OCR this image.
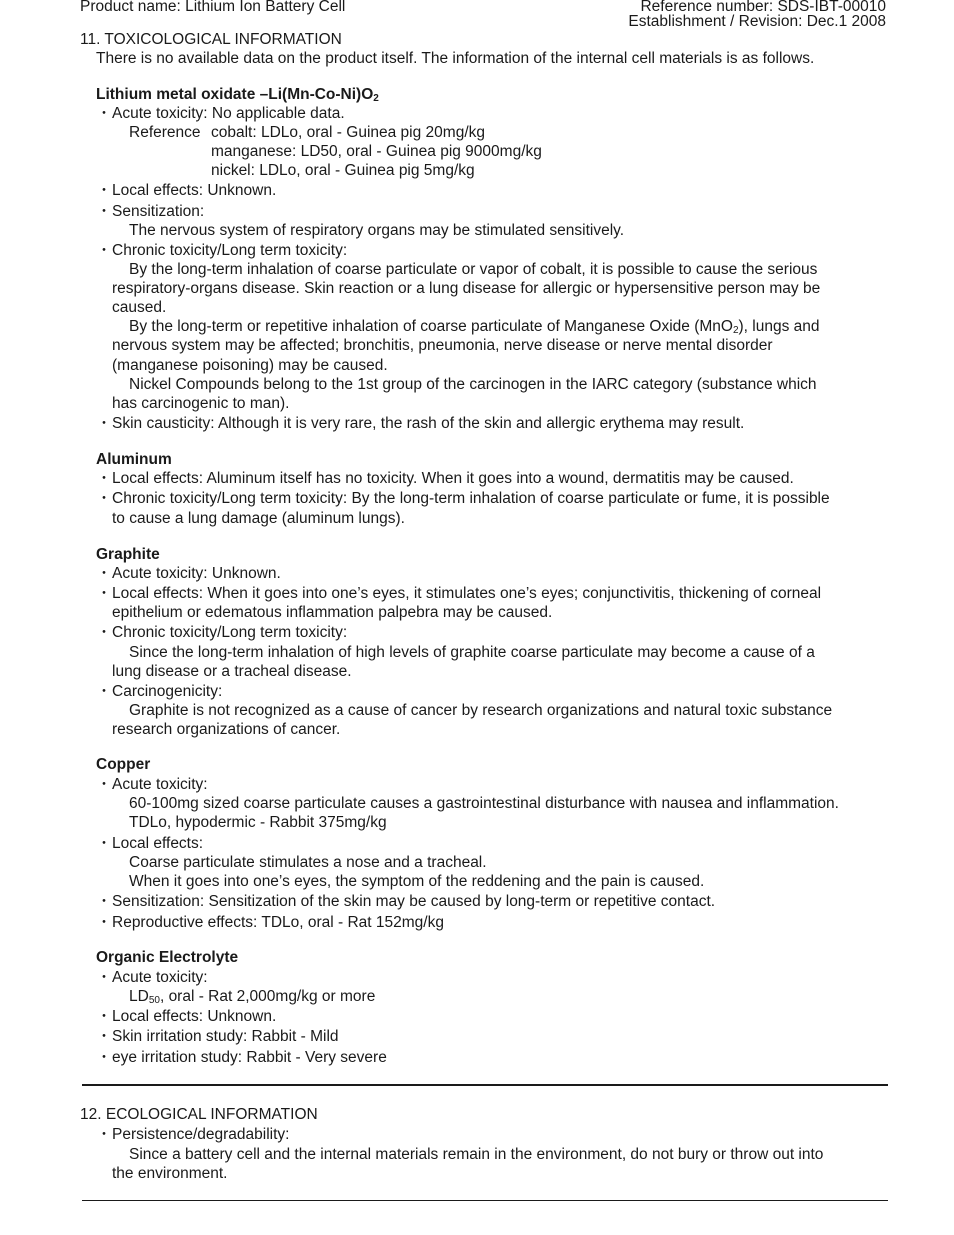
Product name: Lithium Ion Battery Cell	Reference number: SDS-IBT-00010
Establishment / Revision: Dec.1 2008
11. TOXICOLOGICAL INFORMATION
There is no available data on the product itself. The information of the internal cell materials is as follows.
Lithium metal oxidate $-Li(Mn-Co-Ni)O_2$
・Acute toxicity: No applicable data.
Reference cobalt: LDLo, oral - Guinea pig 20mg/kg
manganese: LD50, oral - Guinea pig 9000mg/kg
nickel: LDLo, oral - Guinea pig 5mg/kg
・Local effects: Unknown.
・Sensitization:
The nervous system of respiratory organs may be stimulated sensitively.
・Chronic toxicity/Long term toxicity:
By the long-term inhalation of coarse particulate or vapor of cobalt, it is possible to cause the serious
respiratory-organs disease. Skin reaction or a lung disease for allergic or hypersensitive person may be
caused.
By the long-term or repetitive inhalation of coarse particulate of Manganese Oxide (MnO$_2$), lungs and
nervous system may be affected; bronchitis, pneumonia, nerve disease or nerve mental disorder
(manganese poisoning) may be caused.
Nickel Compounds belong to the 1st group of the carcinogen in the IARC category (substance which
has carcinogenic to man).
・Skin causticity: Although it is very rare, the rash of the skin and allergic erythema may result.
Aluminum
・Local effects: Aluminum itself has no toxicity. When it goes into a wound, dermatitis may be caused.
・Chronic toxicity/Long term toxicity: By the long-term inhalation of coarse particulate or fume, it is possible
to cause a lung damage (aluminum lungs).
Graphite
・Acute toxicity: Unknown.
・Local effects: When it goes into one’s eyes, it stimulates one’s eyes; conjunctivitis, thickening of corneal
epithelium or edematous inflammation palpebra may be caused.
・Chronic toxicity/Long term toxicity:
Since the long-term inhalation of high levels of graphite coarse particulate may become a cause of a
lung disease or a tracheal disease.
・Carcinogenicity:
Graphite is not recognized as a cause of cancer by research organizations and natural toxic substance
research organizations of cancer.
Copper
・Acute toxicity:
60-100mg sized coarse particulate causes a gastrointestinal disturbance with nausea and inflammation.
TDLo, hypodermic - Rabbit 375mg/kg
・Local effects:
Coarse particulate stimulates a nose and a tracheal.
When it goes into one’s eyes, the symptom of the reddening and the pain is caused.
・Sensitization: Sensitization of the skin may be caused by long-term or repetitive contact.
・Reproductive effects: TDLo, oral - Rat 152mg/kg
Organic Electrolyte
・Acute toxicity:
$LD_{50}$, oral - Rat 2,000mg/kg or more
・Local effects: Unknown.
・Skin irritation study: Rabbit - Mild
・eye irritation study: Rabbit - Very severe
12. ECOLOGICAL INFORMATION
・Persistence/degradability:
Since a battery cell and the internal materials remain in the environment, do not bury or throw out into
the environment.
